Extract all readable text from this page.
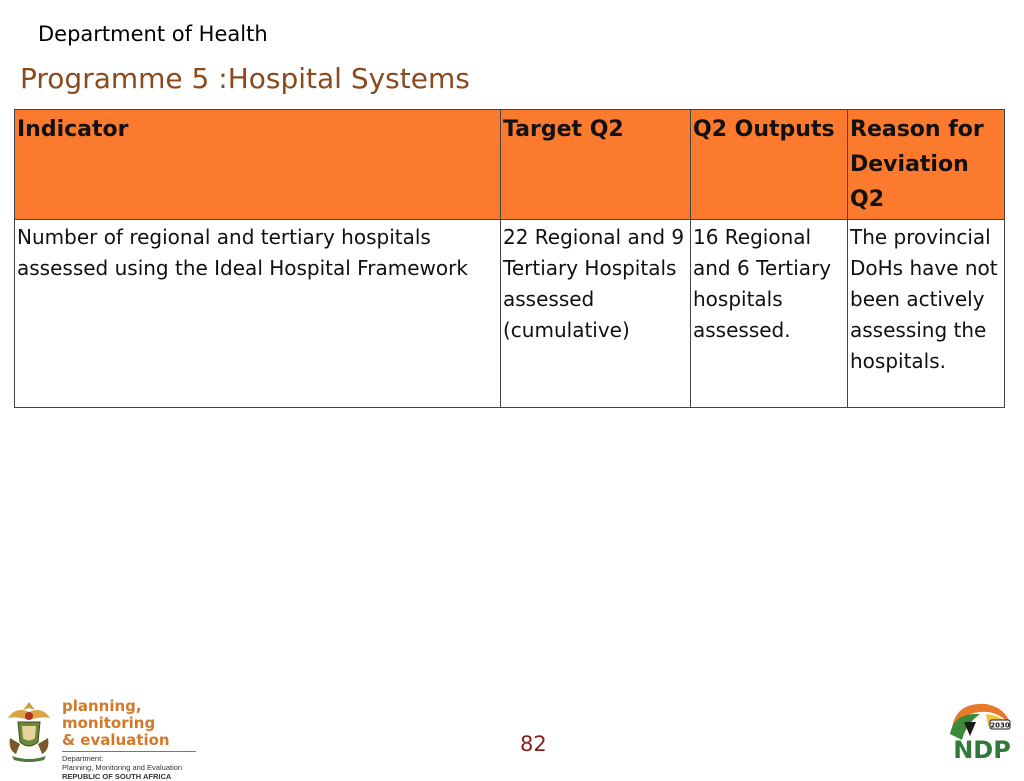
Department of Health
Programme 5 :Hospital Systems
Indicator	Target Q2	Q2 Outputs	Reason for Deviation Q2
Number of regional and tertiary hospitals assessed using the Ideal Hospital Framework	22 Regional and 9 Tertiary Hospitals assessed (cumulative)	16 Regional and 6 Tertiary hospitals assessed.	The provincial DoHs have not been actively assessing the hospitals.
planning, monitoring
& evaluation
Department:
Planning, Monitoring and Evaluation
REPUBLIC OF SOUTH AFRICA
82
2030
NDP
